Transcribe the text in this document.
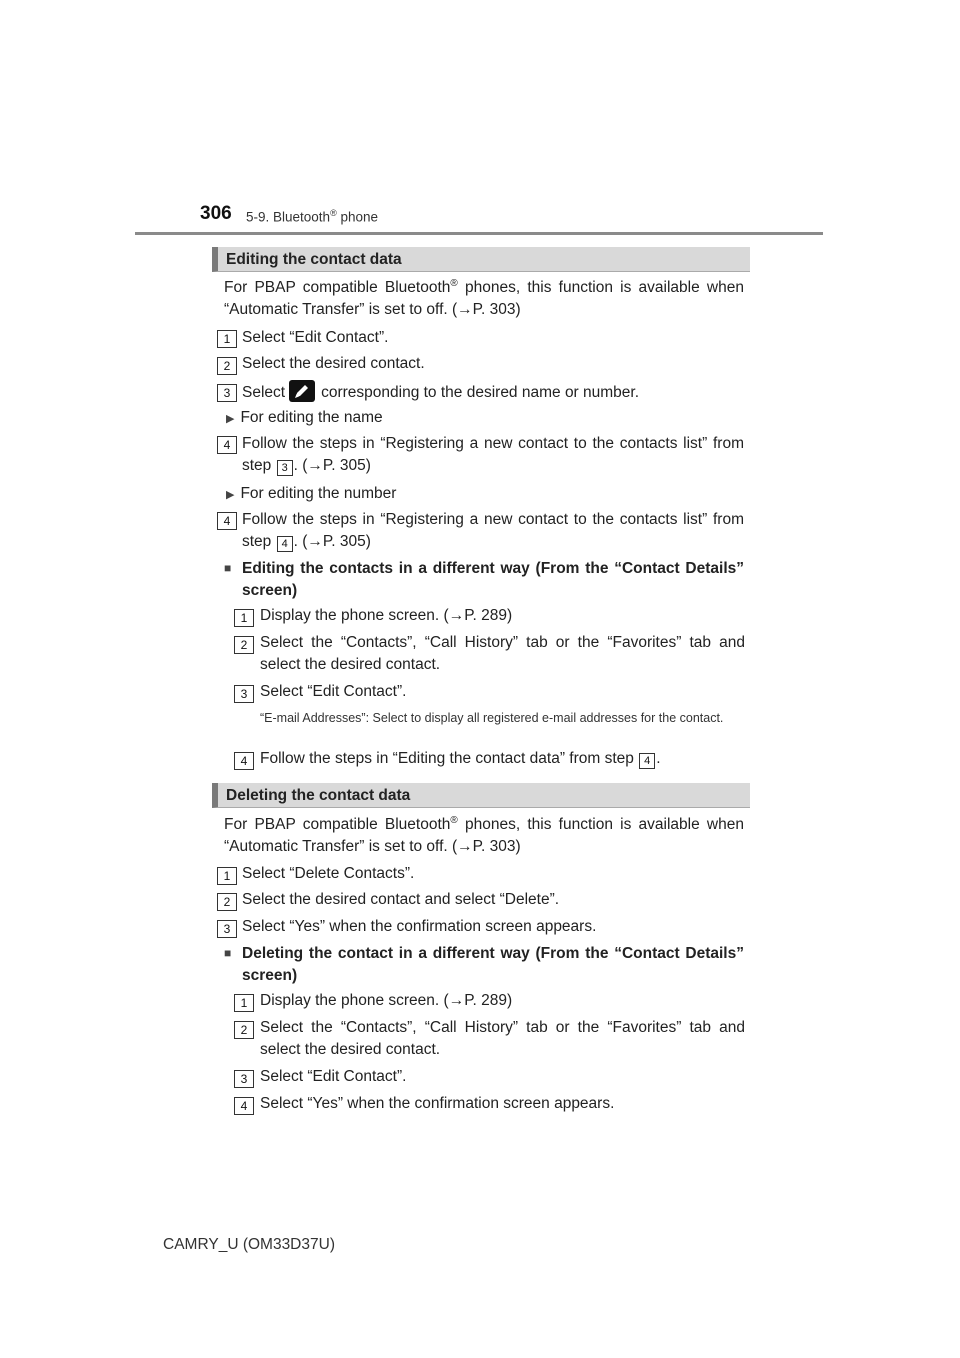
306 5-9. Bluetooth® phone
Editing the contact data
For PBAP compatible Bluetooth® phones, this function is available when “Automatic Transfer” is set to off. (→P. 303)
1 Select “Edit Contact”.
2 Select the desired contact.
3 Select corresponding to the desired name or number.
▶ For editing the name
4 Follow the steps in “Registering a new contact to the contacts list” from step 3 . (→P. 305)
▶ For editing the number
4 Follow the steps in “Registering a new contact to the contacts list” from step 4 . (→P. 305)
■ Editing the contacts in a different way (From the “Contact Details” screen)
1 Display the phone screen. (→P. 289)
2 Select the “Contacts”, “Call History” tab or the “Favorites” tab and select the desired contact.
3 Select “Edit Contact”.
“E-mail Addresses”: Select to display all registered e-mail addresses for the contact.
4 Follow the steps in “Editing the contact data” from step 4 .
Deleting the contact data
For PBAP compatible Bluetooth® phones, this function is available when “Automatic Transfer” is set to off. (→P. 303)
1 Select “Delete Contacts”.
2 Select the desired contact and select “Delete”.
3 Select “Yes” when the confirmation screen appears.
■ Deleting the contact in a different way (From the “Contact Details” screen)
1 Display the phone screen. (→P. 289)
2 Select the “Contacts”, “Call History” tab or the “Favorites” tab and select the desired contact.
3 Select “Edit Contact”.
4 Select “Yes” when the confirmation screen appears.
CAMRY_U (OM33D37U)
